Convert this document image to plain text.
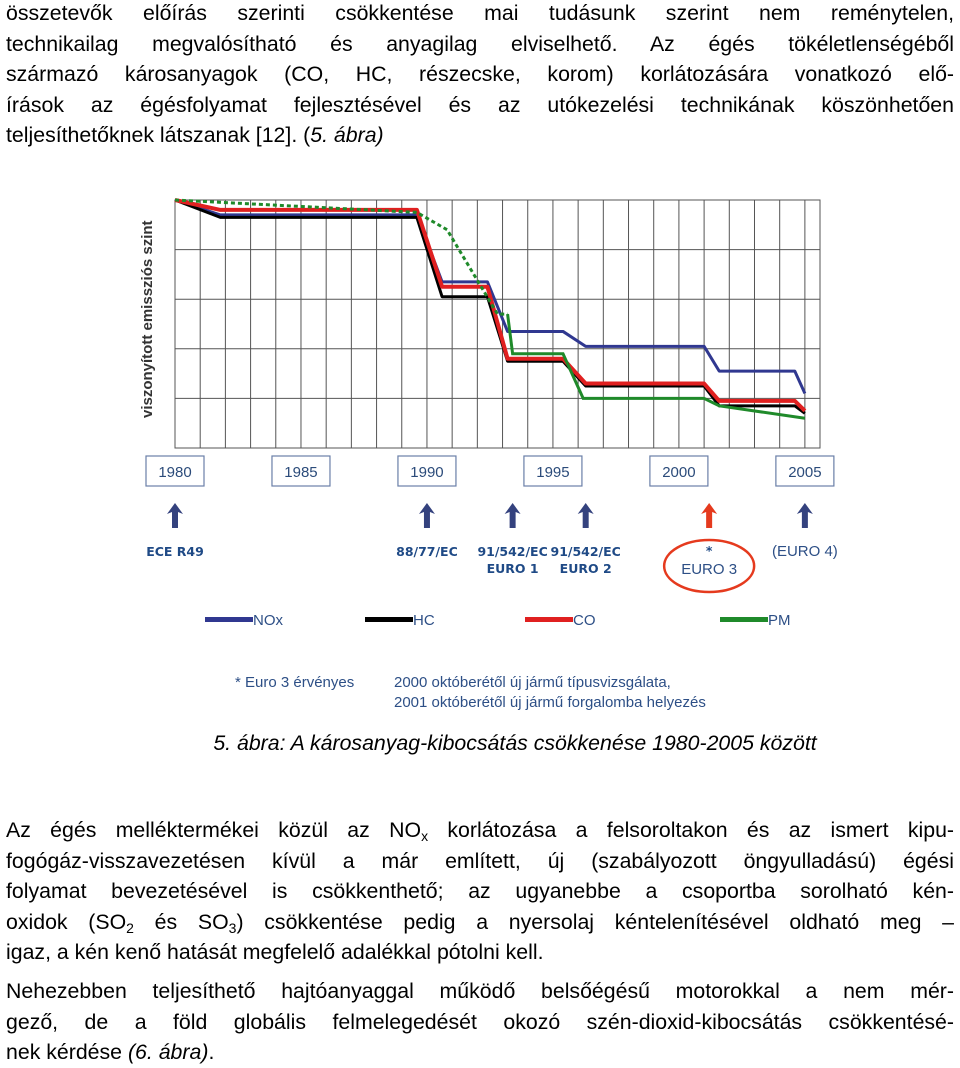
összetevők előírás szerinti csökkentése mai tudásunk szerint nem reménytelen,
technikailag megvalósítható és anyagilag elviselhető. Az égés tökéletlenségéből
származó károsanyagok (CO, HC, részecske, korom) korlátozására vonatkozó elő-
írások az égésfolyamat fejlesztésével és az utókezelési technikának köszönhetően
teljesíthetőknek látszanak [12]. (5. ábra)
viszonyított emissziós szint
1980	1985	1990	1995	2000	2005
ECE R49	88/77/EC 91/542/EC
EURO 1
91/542/EC
EURO 2
*
EURO 3
(EURO 4)
NOx	HC	CO	PM
* Euro 3 érvényes	2000 októberétől új jármű típusvizsgálata,
2001 októberétől új jármű forgalomba helyezés
5. ábra: A károsanyag-kibocsátás csökkenése 1980-2005 között
Az égés melléktermékei közül az $NO_x$ korlátozása a felsoroltakon és az ismert kipu-
fogógáz-visszavezetésen kívül a már említett, új (szabályozott öngyulladású) égési
folyamat bevezetésével is csökkenthető; az ugyanebbe a csoportba sorolható kén-
oxidok ($SO_2$ és $SO_3$) csökkentése pedig a nyersolaj kéntelenítésével oldható meg –
igaz, a kén kenő hatását megfelelő adalékkal pótolni kell.
Nehezebben teljesíthető hajtóanyaggal működő belsőégésű motorokkal a nem mér-
gező, de a föld globális felmelegedését okozó szén-dioxid-kibocsátás csökkentésé-
nek kérdése (6. ábra).
